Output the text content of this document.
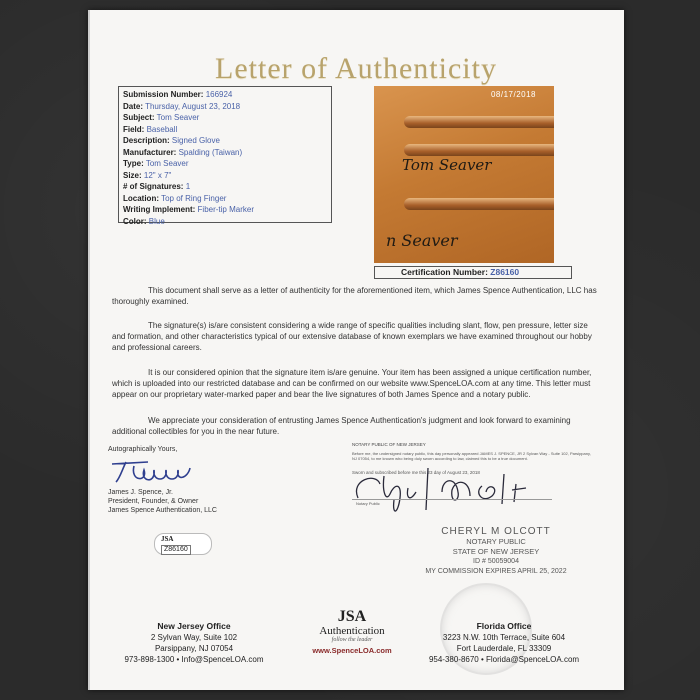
Letter of Authenticity
Submission Number: 166924
Date: Thursday, August 23, 2018
Subject: Tom Seaver
Field: Baseball
Description: Signed Glove
Manufacturer: Spalding (Taiwan)
Type: Tom Seaver
Size: 12" x 7"
# of Signatures: 1
Location: Top of Ring Finger
Writing Implement: Fiber-tip Marker
Color: Blue
08/17/2018
Tom Seaver
n Seaver
Certification Number: Z86160
This document shall serve as a letter of authenticity for the aforementioned item, which James Spence Authentication, LLC has thoroughly examined.
The signature(s) is/are consistent considering a wide range of specific qualities including slant, flow, pen pressure, letter size and formation, and other characteristics typical of our extensive database of known exemplars we have examined throughout our hobby and professional careers.
It is our considered opinion that the signature item is/are genuine. Your item has been assigned a unique certification number, which is uploaded into our restricted database and can be confirmed on our website www.SpenceLOA.com at any time. This letter must appear on our proprietary water-marked paper and bear the live signatures of both James Spence and a notary public.
We appreciate your consideration of entrusting James Spence Authentication's judgment and look forward to examining additional collectibles for you in the near future.
Autographically Yours,
James J. Spence, Jr.
President, Founder, & Owner
James Spence Authentication, LLC
JSA
Z86160
NOTARY PUBLIC OF NEW JERSEY
Before me, the undersigned notary public, this day personally appeared JAMES J. SPENCE, JR 2 Sylvan Way - Suite 102, Parsippany, NJ 07054, to me known who being duly sworn according to law, claimed this to be a true document.
Sworn and subscribed before me this 23 day of August 23, 2018
Notary Public
CHERYL M OLCOTT
NOTARY PUBLIC
STATE OF NEW JERSEY
ID # 50059004
MY COMMISSION EXPIRES APRIL 25, 2022
New Jersey Office
2 Sylvan Way, Suite 102
Parsippany, NJ 07054
973-898-1300 • Info@SpenceLOA.com
JSA
Authentication
follow the leader
www.SpenceLOA.com
Florida Office
3223 N.W. 10th Terrace, Suite 604
Fort Lauderdale, FL 33309
954-380-8670 • Florida@SpenceLOA.com
